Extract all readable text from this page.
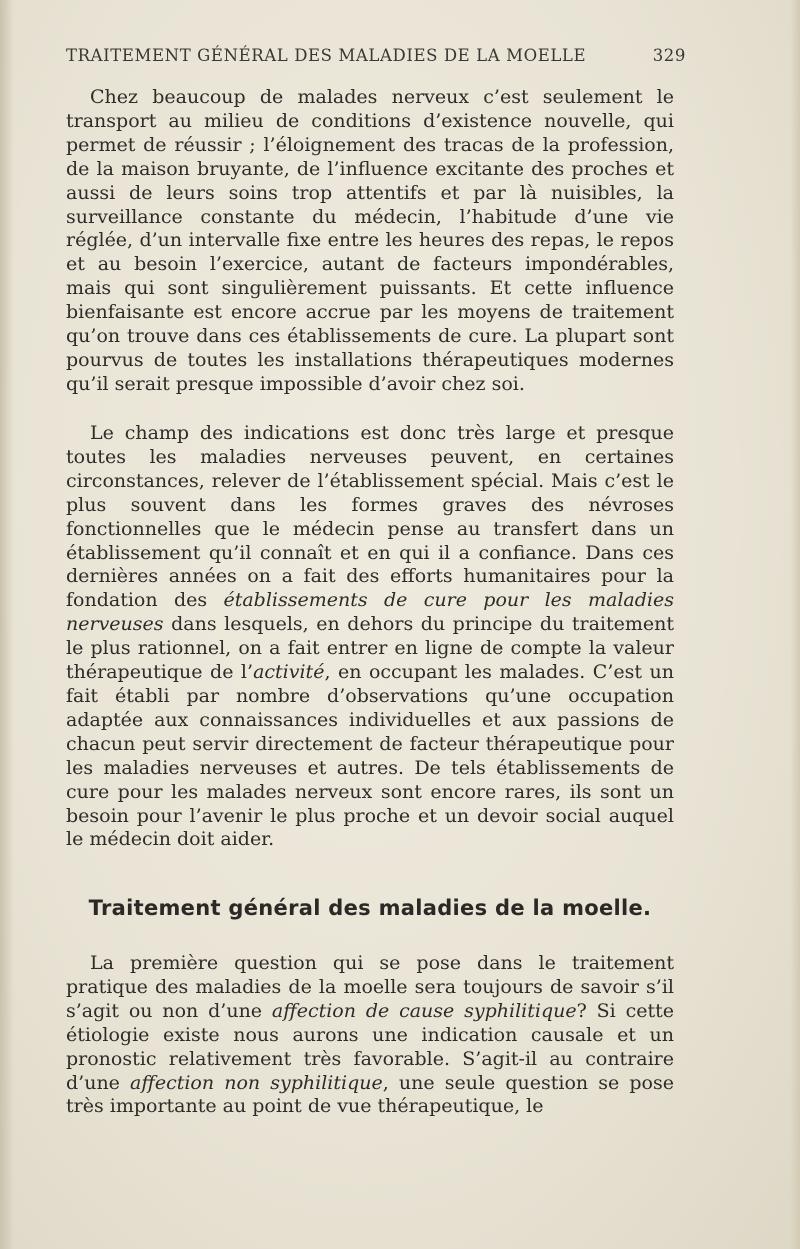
TRAITEMENT GÉNÉRAL DES MALADIES DE LA MOELLE	329

Chez beaucoup de malades nerveux c’est seulement le transport au milieu de conditions d’existence nouvelle, qui permet de réussir ; l’éloignement des tracas de la profession, de la maison bruyante, de l’influence excitante des proches et aussi de leurs soins trop attentifs et par là nuisibles, la surveillance constante du médecin, l’habitude d’une vie réglée, d’un intervalle fixe entre les heures des repas, le repos et au besoin l’exercice, autant de facteurs impondérables, mais qui sont singulièrement puissants. Et cette influence bienfaisante est encore accrue par les moyens de traitement qu’on trouve dans ces établissements de cure. La plupart sont pourvus de toutes les installations thérapeutiques modernes qu’il serait presque impossible d’avoir chez soi.

Le champ des indications est donc très large et presque toutes les maladies nerveuses peuvent, en certaines circonstances, relever de l’établissement spécial. Mais c’est le plus souvent dans les formes graves des névroses fonctionnelles que le médecin pense au transfert dans un établissement qu’il connaît et en qui il a confiance. Dans ces dernières années on a fait des efforts humanitaires pour la fondation des établissements de cure pour les maladies nerveuses dans lesquels, en dehors du principe du traitement le plus rationnel, on a fait entrer en ligne de compte la valeur thérapeutique de l’activité, en occupant les malades. C’est un fait établi par nombre d’observations qu’une occupation adaptée aux connaissances individuelles et aux passions de chacun peut servir directement de facteur thérapeutique pour les maladies nerveuses et autres. De tels établissements de cure pour les malades nerveux sont encore rares, ils sont un besoin pour l’avenir le plus proche et un devoir social auquel le médecin doit aider.

Traitement général des maladies de la moelle.

La première question qui se pose dans le traitement pratique des maladies de la moelle sera toujours de savoir s’il s’agit ou non d’une affection de cause syphilitique? Si cette étiologie existe nous aurons une indication causale et un pronostic relativement très favorable. S’agit-il au contraire d’une affection non syphilitique, une seule question se pose très importante au point de vue thérapeutique, le
